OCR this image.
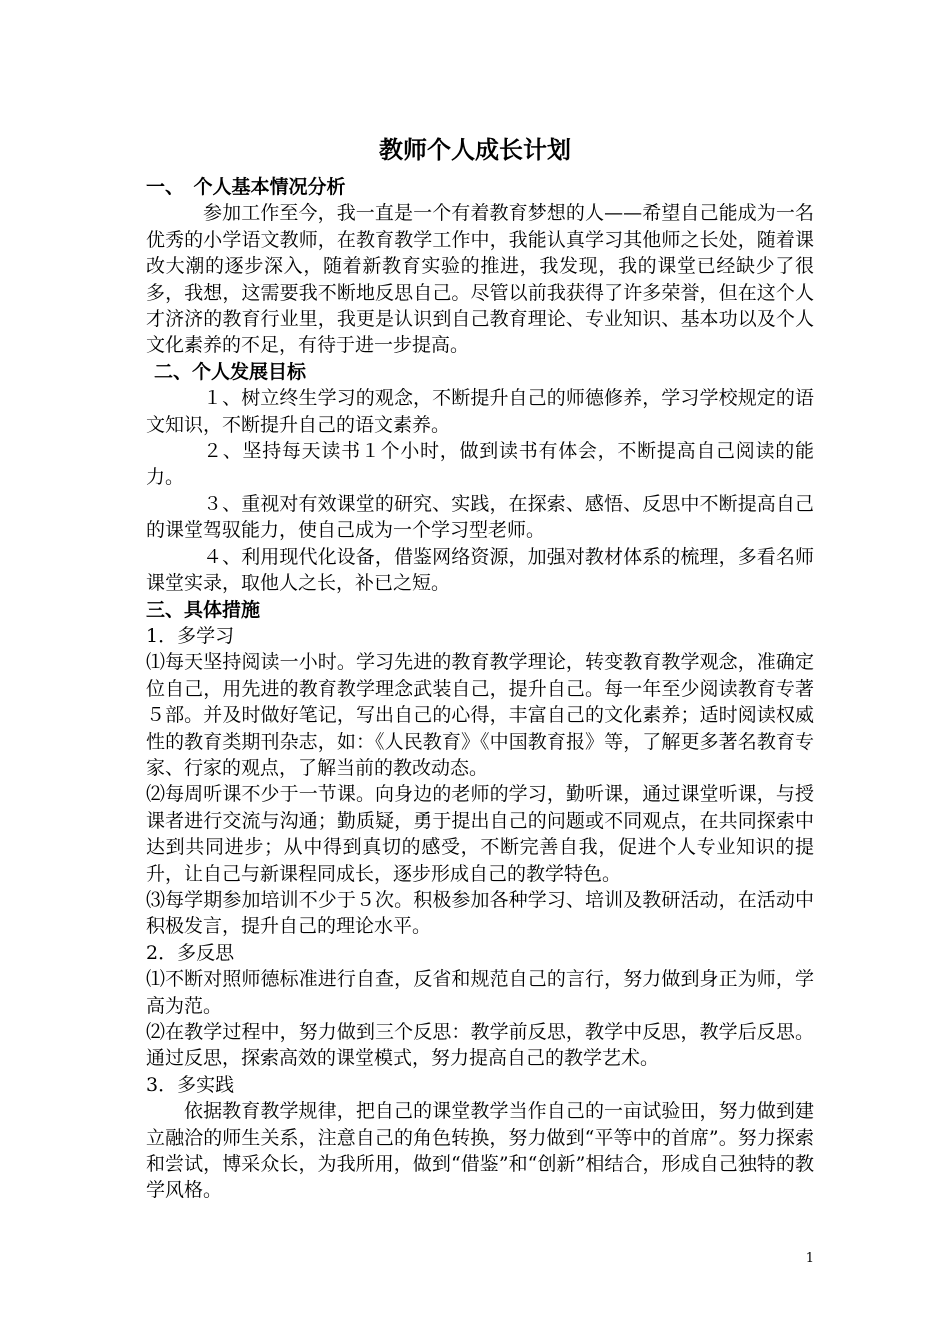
教师个人成长计划
一、　个人基本情况分析

参加工作至今，我一直是一个有着教育梦想的人——希望自己能成为一名优秀的小学语文教师，在教育教学工作中，我能认真学习其他师之长处，随着课改大潮的逐步深入，随着新教育实验的推进，我发现，我的课堂已经缺少了很多，我想，这需要我不断地反思自己。尽管以前我获得了许多荣誉，但在这个人才济济的教育行业里，我更是认识到自己教育理论、专业知识、基本功以及个人文化素养的不足，有待于进一步提高。

二、个人发展目标

１、树立终生学习的观念，不断提升自己的师德修养，学习学校规定的语文知识，不断提升自己的语文素养。

２、坚持每天读书１个小时，做到读书有体会，不断提高自己阅读的能力。

３、重视对有效课堂的研究、实践，在探索、感悟、反思中不断提高自己的课堂驾驭能力，使自己成为一个学习型老师。

４、利用现代化设备，借鉴网络资源，加强对教材体系的梳理，多看名师课堂实录，取他人之长，补已之短。

三、具体措施
1．多学习

⑴每天坚持阅读一小时。学习先进的教育教学理论，转变教育教学观念，准确定位自己，用先进的教育教学理念武装自己，提升自己。每一年至少阅读教育专著５部。并及时做好笔记，写出自己的心得，丰富自己的文化素养；适时阅读权威性的教育类期刊杂志，如：《人民教育》《中国教育报》等，了解更多著名教育专家、行家的观点，了解当前的教改动态。

⑵每周听课不少于一节课。向身边的老师的学习，勤听课，通过课堂听课，与授课者进行交流与沟通；勤质疑，勇于提出自己的问题或不同观点，在共同探索中达到共同进步；从中得到真切的感受，不断完善自我，促进个人专业知识的提升，让自己与新课程同成长，逐步形成自己的教学特色。

⑶每学期参加培训不少于５次。积极参加各种学习、培训及教研活动，在活动中积极发言，提升自己的理论水平。

2．多反思

⑴不断对照师德标准进行自查，反省和规范自己的言行，努力做到身正为师，学高为范。

⑵在教学过程中，努力做到三个反思：教学前反思，教学中反思，教学后反思。通过反思，探索高效的课堂模式，努力提高自己的教学艺术。

3．多实践

依据教育教学规律，把自己的课堂教学当作自己的一亩试验田，努力做到建立融洽的师生关系，注意自己的角色转换，努力做到“平等中的首席”。努力探索和尝试，博采众长，为我所用，做到“借鉴”和“创新”相结合，形成自己独特的教学风格。

1
